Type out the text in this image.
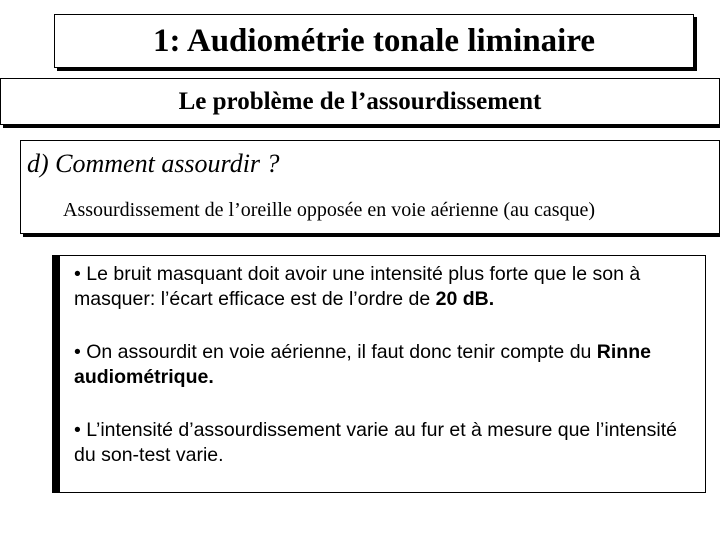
1: Audiométrie tonale liminaire
Le problème de l’assourdissement
d) Comment assourdir ?
Assourdissement de l’oreille opposée en voie aérienne (au casque)

• Le bruit masquant doit avoir une intensité plus forte que le son à masquer: l’écart efficace est de l’ordre de 20 dB.

• On assourdit en voie aérienne, il faut donc tenir compte du Rinne audiométrique.

• L’intensité d’assourdissement varie au fur et à mesure que l’intensité du son-test varie.
